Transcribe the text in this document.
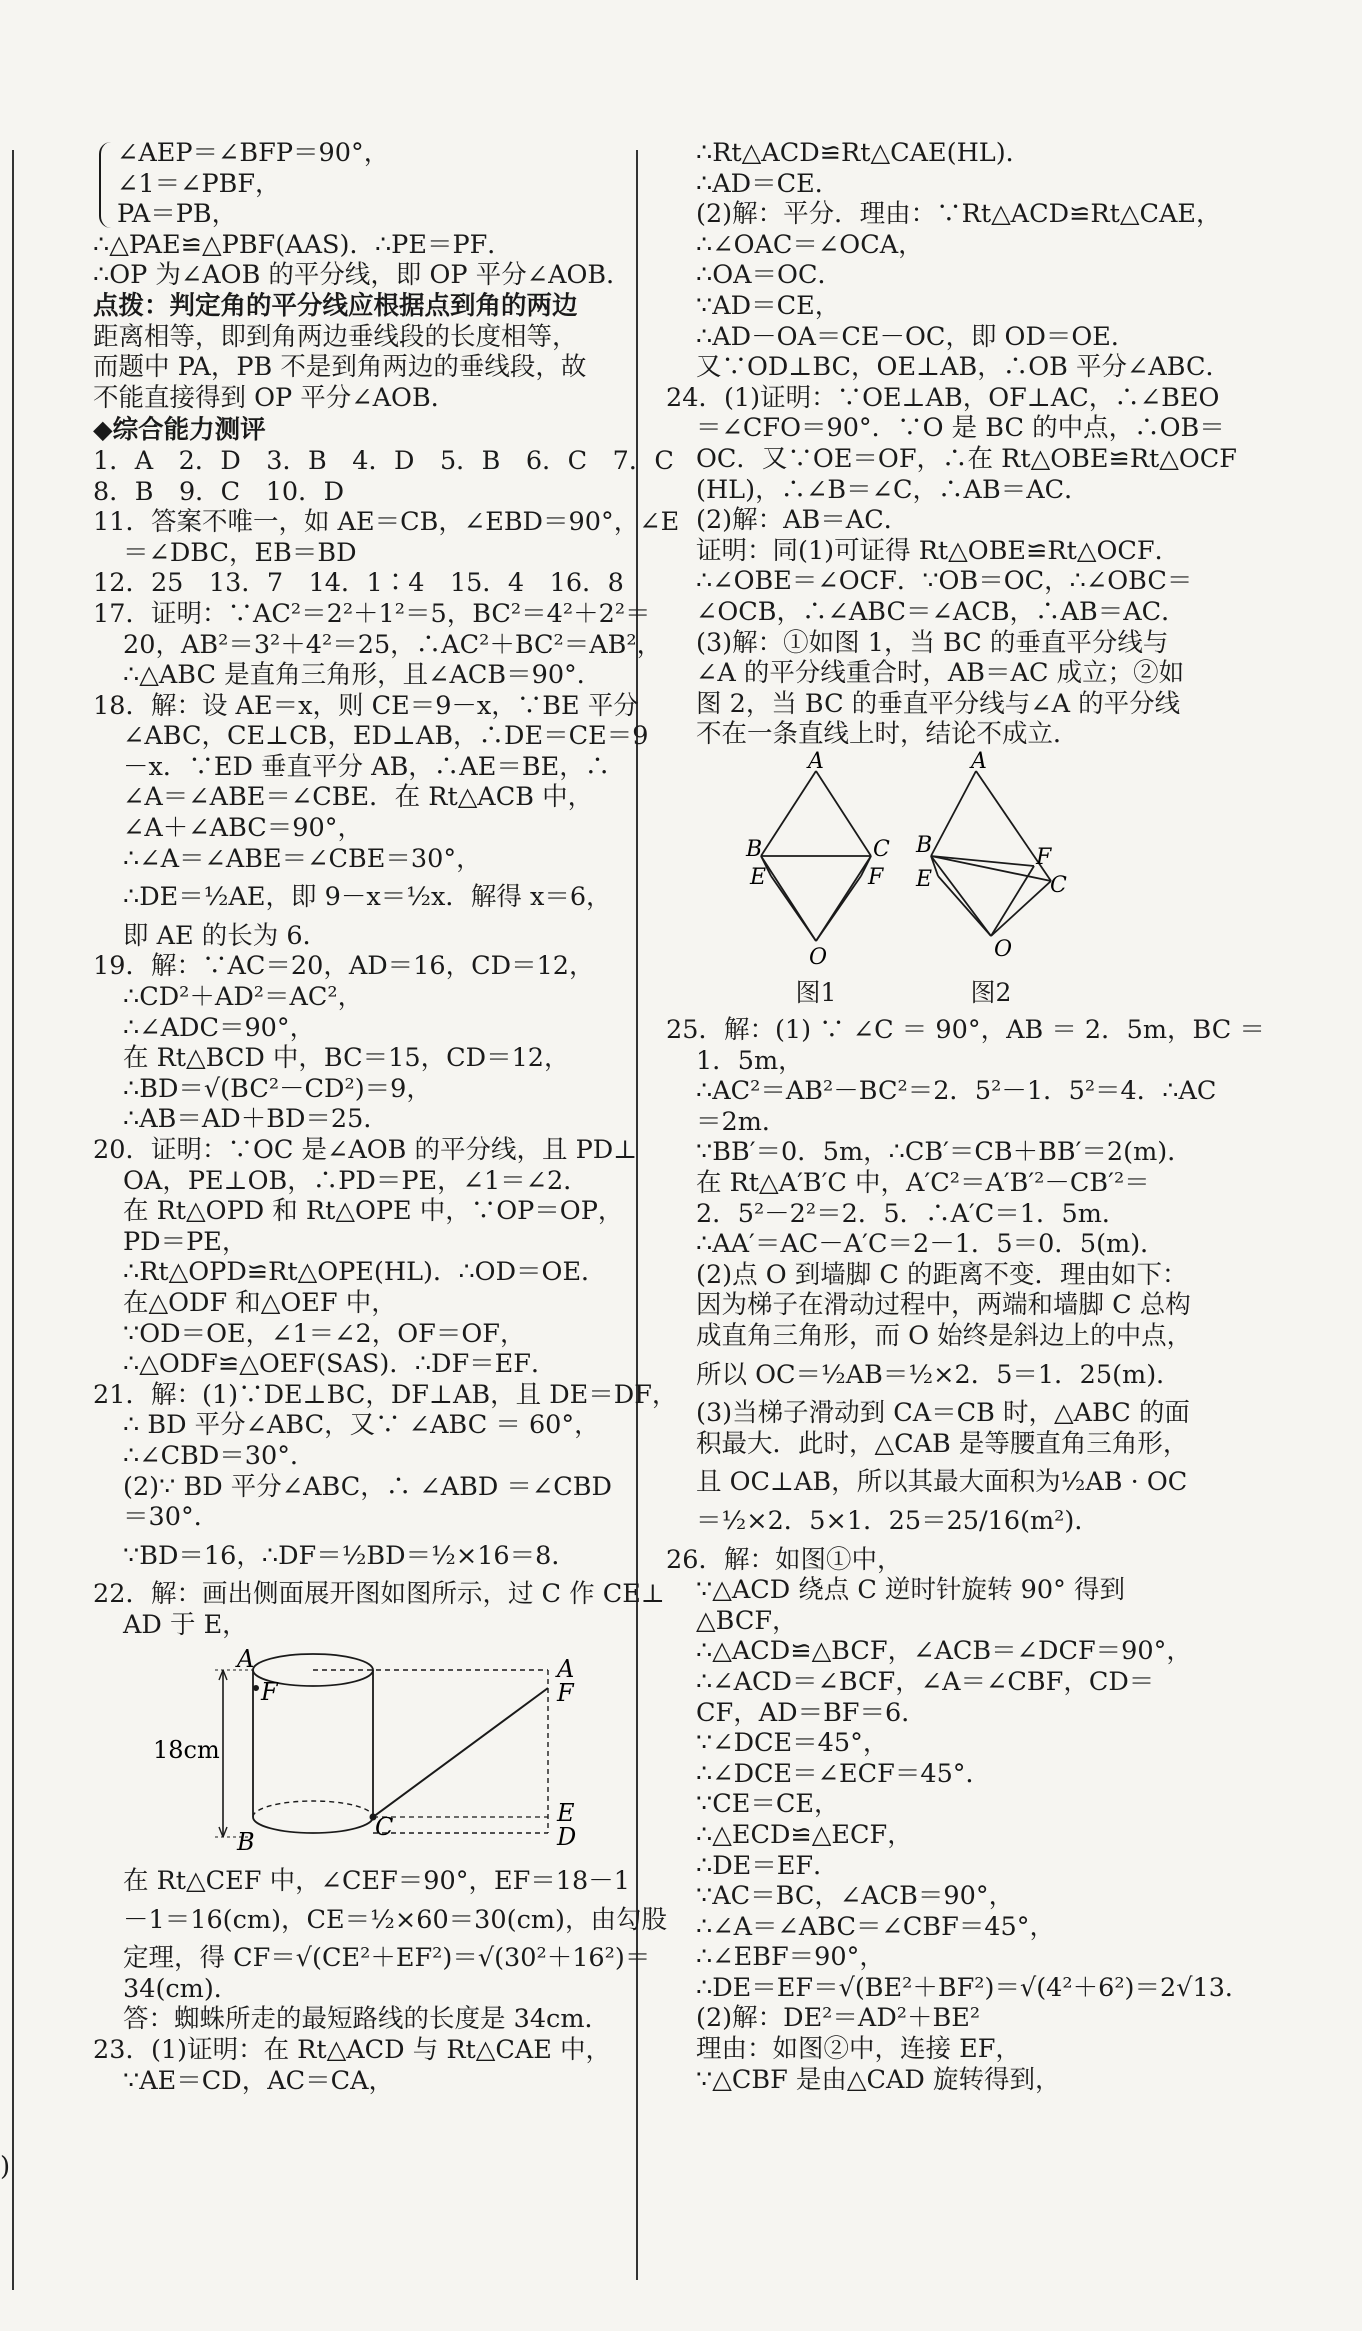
)
∠AEP＝∠BFP＝90°，
∠1＝∠PBF，
PA＝PB，
∴△PAE≌△PBF(AAS)．∴PE＝PF．
∴OP 为∠AOB 的平分线，即 OP 平分∠AOB．
点拨：判定角的平分线应根据点到角的两边
距离相等，即到角两边垂线段的长度相等，
而题中 PA，PB 不是到角两边的垂线段，故
不能直接得到 OP 平分∠AOB．
◆综合能力测评
1．A　2．D　3．B　4．D　5．B　6．C　7．C
8．B　9．C　10．D
11．答案不唯一，如 AE＝CB，∠EBD＝90°，∠E
＝∠DBC，EB＝BD
12．25　13．7　14．1∶4　15．4　16．8
17．证明：∵AC²＝2²＋1²＝5，BC²＝4²＋2²＝
20，AB²＝3²＋4²＝25，∴AC²＋BC²＝AB²，
∴△ABC 是直角三角形，且∠ACB＝90°．
18．解：设 AE＝x，则 CE＝9－x，∵BE 平分
∠ABC，CE⊥CB，ED⊥AB，∴DE＝CE＝9
－x．∵ED 垂直平分 AB，∴AE＝BE，∴
∠A＝∠ABE＝∠CBE．在 Rt△ACB 中，
∠A＋∠ABC＝90°，
∴∠A＝∠ABE＝∠CBE＝30°，
∴DE＝½AE，即 9－x＝½x．解得 x＝6，
即 AE 的长为 6．
19．解：∵AC＝20，AD＝16，CD＝12，
∴CD²＋AD²＝AC²，
∴∠ADC＝90°，
在 Rt△BCD 中，BC＝15，CD＝12，
∴BD＝√(BC²－CD²)＝9，
∴AB＝AD＋BD＝25．
20．证明：∵OC 是∠AOB 的平分线，且 PD⊥
OA，PE⊥OB，∴PD＝PE，∠1＝∠2．
在 Rt△OPD 和 Rt△OPE 中，∵OP＝OP，
PD＝PE，
∴Rt△OPD≌Rt△OPE(HL)．∴OD＝OE．
在△ODF 和△OEF 中，
∵OD＝OE，∠1＝∠2，OF＝OF，
∴△ODF≌△OEF(SAS)．∴DF＝EF．
21．解：(1)∵DE⊥BC，DF⊥AB，且 DE＝DF，
∴ BD 平分∠ABC，又∵ ∠ABC ＝ 60°，
∴∠CBD＝30°．
(2)∵ BD 平分∠ABC，∴ ∠ABD ＝∠CBD
＝30°．
∵BD＝16，∴DF＝½BD＝½×16＝8．
22．解：画出侧面展开图如图所示，过 C 作 CE⊥
AD 于 E，
A
F
18cm
B
C
A
F
E
D
在 Rt△CEF 中，∠CEF＝90°，EF＝18－1
－1＝16(cm)，CE＝½×60＝30(cm)，由勾股
定理，得 CF＝√(CE²＋EF²)＝√(30²＋16²)＝
34(cm)．
答：蜘蛛所走的最短路线的长度是 34cm．
23．(1)证明：在 Rt△ACD 与 Rt△CAE 中，
∵AE＝CD，AC＝CA，
∴Rt△ACD≌Rt△CAE(HL)．
∴AD＝CE．
(2)解：平分．理由：∵Rt△ACD≌Rt△CAE，
∴∠OAC＝∠OCA，
∴OA＝OC．
∵AD＝CE，
∴AD－OA＝CE－OC，即 OD＝OE．
又∵OD⊥BC，OE⊥AB，∴OB 平分∠ABC．
24．(1)证明：∵OE⊥AB，OF⊥AC，∴∠BEO
＝∠CFO＝90°．∵O 是 BC 的中点，∴OB＝
OC．又∵OE＝OF，∴在 Rt△OBE≌Rt△OCF
(HL)，∴∠B＝∠C，∴AB＝AC．
(2)解：AB＝AC．
证明：同(1)可证得 Rt△OBE≌Rt△OCF．
∴∠OBE＝∠OCF．∵OB＝OC，∴∠OBC＝
∠OCB，∴∠ABC＝∠ACB，∴AB＝AC．
(3)解：①如图 1，当 BC 的垂直平分线与
∠A 的平分线重合时，AB＝AC 成立；②如
图 2，当 BC 的垂直平分线与∠A 的平分线
不在一条直线上时，结论不成立．
A
B	C
E	F
O
图1
A
B	F
C
E
O
图2
25．解：(1) ∵ ∠C ＝ 90°，AB ＝ 2．5m，BC ＝
1．5m，
∴AC²＝AB²－BC²＝2．5²－1．5²＝4．∴AC
＝2m．
∵BB′＝0．5m，∴CB′＝CB＋BB′＝2(m)．
在 Rt△A′B′C 中，A′C²＝A′B′²－CB′²＝
2．5²－2²＝2．5．∴A′C＝1．5m．
∴AA′＝AC－A′C＝2－1．5＝0．5(m)．
(2)点 O 到墙脚 C 的距离不变．理由如下：
因为梯子在滑动过程中，两端和墙脚 C 总构
成直角三角形，而 O 始终是斜边上的中点，
所以 OC＝½AB＝½×2．5＝1．25(m)．
(3)当梯子滑动到 CA＝CB 时，△ABC 的面
积最大．此时，△CAB 是等腰直角三角形，
且 OC⊥AB，所以其最大面积为½AB · OC
＝½×2．5×1．25＝25/16(m²)．
26．解：如图①中，
∵△ACD 绕点 C 逆时针旋转 90° 得到
△BCF，
∴△ACD≌△BCF，∠ACB＝∠DCF＝90°，
∴∠ACD＝∠BCF，∠A＝∠CBF，CD＝
CF，AD＝BF＝6．
∵∠DCE＝45°，
∴∠DCE＝∠ECF＝45°．
∵CE＝CE，
∴△ECD≌△ECF，
∴DE＝EF．
∵AC＝BC，∠ACB＝90°，
∴∠A＝∠ABC＝∠CBF＝45°，
∴∠EBF＝90°，
∴DE＝EF＝√(BE²＋BF²)＝√(4²＋6²)＝2√13．
(2)解：DE²＝AD²＋BE²
理由：如图②中，连接 EF，
∵△CBF 是由△CAD 旋转得到，
